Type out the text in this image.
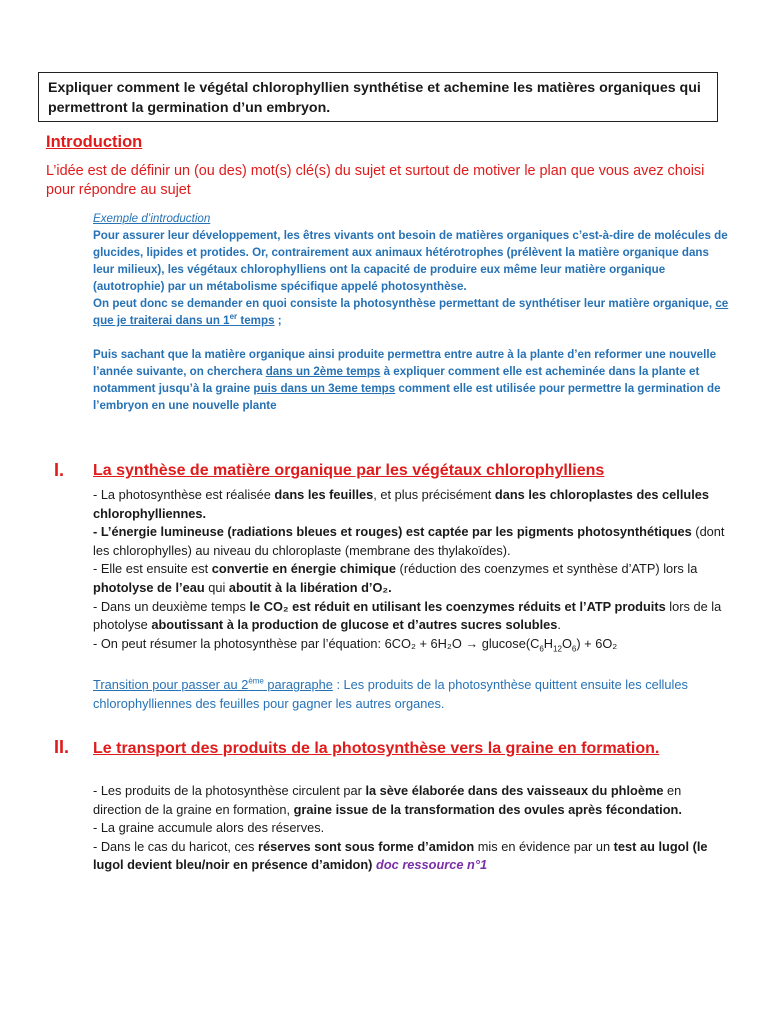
Expliquer comment le végétal chlorophyllien synthétise et achemine les matières organiques qui permettront la germination d’un embryon.
Introduction
L’idée est de définir un (ou des) mot(s) clé(s) du sujet et surtout de motiver le plan que vous avez choisi pour répondre au sujet
Exemple d’introduction
Pour assurer leur développement, les êtres vivants ont besoin de matières organiques c’est-à-dire de molécules de glucides, lipides et protides. Or, contrairement aux animaux hétérotrophes (prélèvent la matière organique dans leur milieux), les végétaux chlorophylliens ont la capacité de produire eux même leur matière organique (autotrophie) par un métabolisme spécifique appelé photosynthèse.
On peut donc se demander en quoi consiste la photosynthèse permettant de synthétiser leur matière organique, ce que je traiterai dans un 1er temps ;
Puis sachant que la matière organique ainsi produite permettra entre autre à la plante d’en reformer une nouvelle l’année suivante, on cherchera dans un 2ème temps à expliquer comment elle est acheminée dans la plante et notamment jusqu’à la graine puis dans un 3eme temps comment elle est utilisée pour permettre la germination de l’embryon en une nouvelle plante
I. La synthèse de matière organique par les végétaux chlorophylliens
- La photosynthèse est réalisée dans les feuilles, et plus précisément dans les chloroplastes des cellules chlorophylliennes.
- L’énergie lumineuse (radiations bleues et rouges) est captée par les pigments photosynthétiques (dont les chlorophylles) au niveau du chloroplaste (membrane des thylakoïdes).
- Elle est ensuite est convertie en énergie chimique (réduction des coenzymes et synthèse d’ATP) lors la photolyse de l’eau qui aboutit à la libération d’O₂.
- Dans un deuxième temps le CO₂ est réduit en utilisant les coenzymes réduits et l’ATP produits lors de la photolyse aboutissant à la production de glucose et d’autres sucres solubles.
- On peut résumer la photosynthèse par l’équation: $6CO_2 + 6H_2O \to glucose(C_6H_{12}O_6) + 6O_2$
Transition pour passer au 2ème paragraphe : Les produits de la photosynthèse quittent ensuite les cellules chlorophylliennes des feuilles pour gagner les autres organes.
II. Le transport des produits de la photosynthèse vers la graine en formation.
- Les produits de la photosynthèse circulent par la sève élaborée dans des vaisseaux du phloème en direction de la graine en formation, graine issue de la transformation des ovules après fécondation.
- La graine accumule alors des réserves.
- Dans le cas du haricot, ces réserves sont sous forme d’amidon mis en évidence par un test au lugol (le lugol devient bleu/noir en présence d’amidon) doc ressource n°1
